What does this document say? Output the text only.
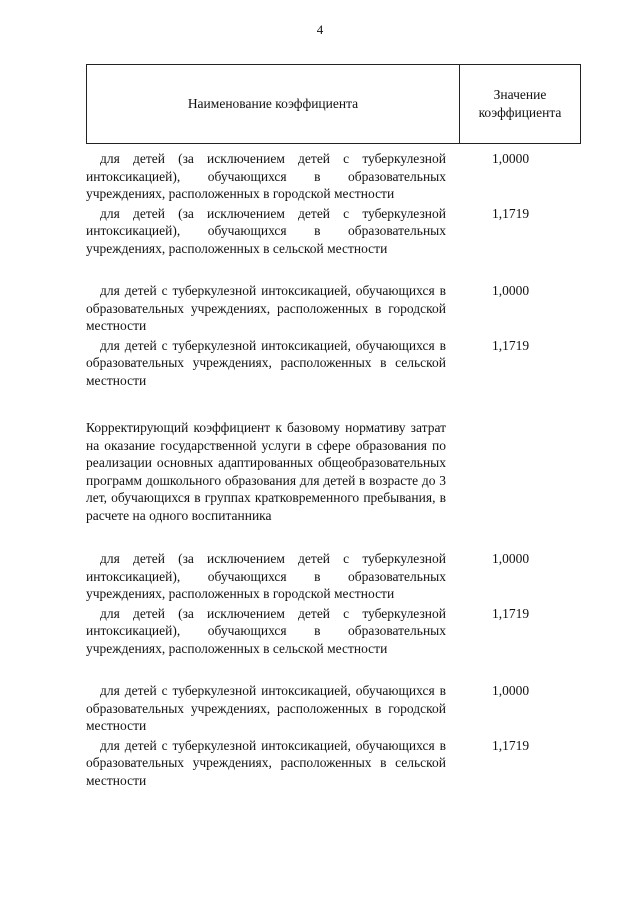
4
Наименование коэффициента
Значение
коэффициента
для детей (за исключением детей с туберкулезной интоксикацией), обучающихся в образовательных учреждениях, расположенных в городской местности
1,0000
для детей (за исключением детей с туберкулезной интоксикацией), обучающихся в образовательных учреждениях, расположенных в сельской местности
1,1719
для детей с туберкулезной интоксикацией, обучающихся в образовательных учреждениях, расположенных в городской местности
1,0000
для детей с туберкулезной интоксикацией, обучающихся в образовательных учреждениях, расположенных в сельской местности
1,1719
Корректирующий коэффициент к базовому нормативу затрат на оказание государственной услуги в сфере образования по реализации основных адаптированных общеобразовательных программ дошкольного образования для детей в возрасте до 3 лет, обучающихся в группах кратковременного пребывания, в расчете на одного воспитанника
для детей (за исключением детей с туберкулезной интоксикацией), обучающихся в образовательных учреждениях, расположенных в городской местности
1,0000
для детей (за исключением детей с туберкулезной интоксикацией), обучающихся в образовательных учреждениях, расположенных в сельской местности
1,1719
для детей с туберкулезной интоксикацией, обучающихся в образовательных учреждениях, расположенных в городской местности
1,0000
для детей с туберкулезной интоксикацией, обучающихся в образовательных учреждениях, расположенных в сельской местности
1,1719
